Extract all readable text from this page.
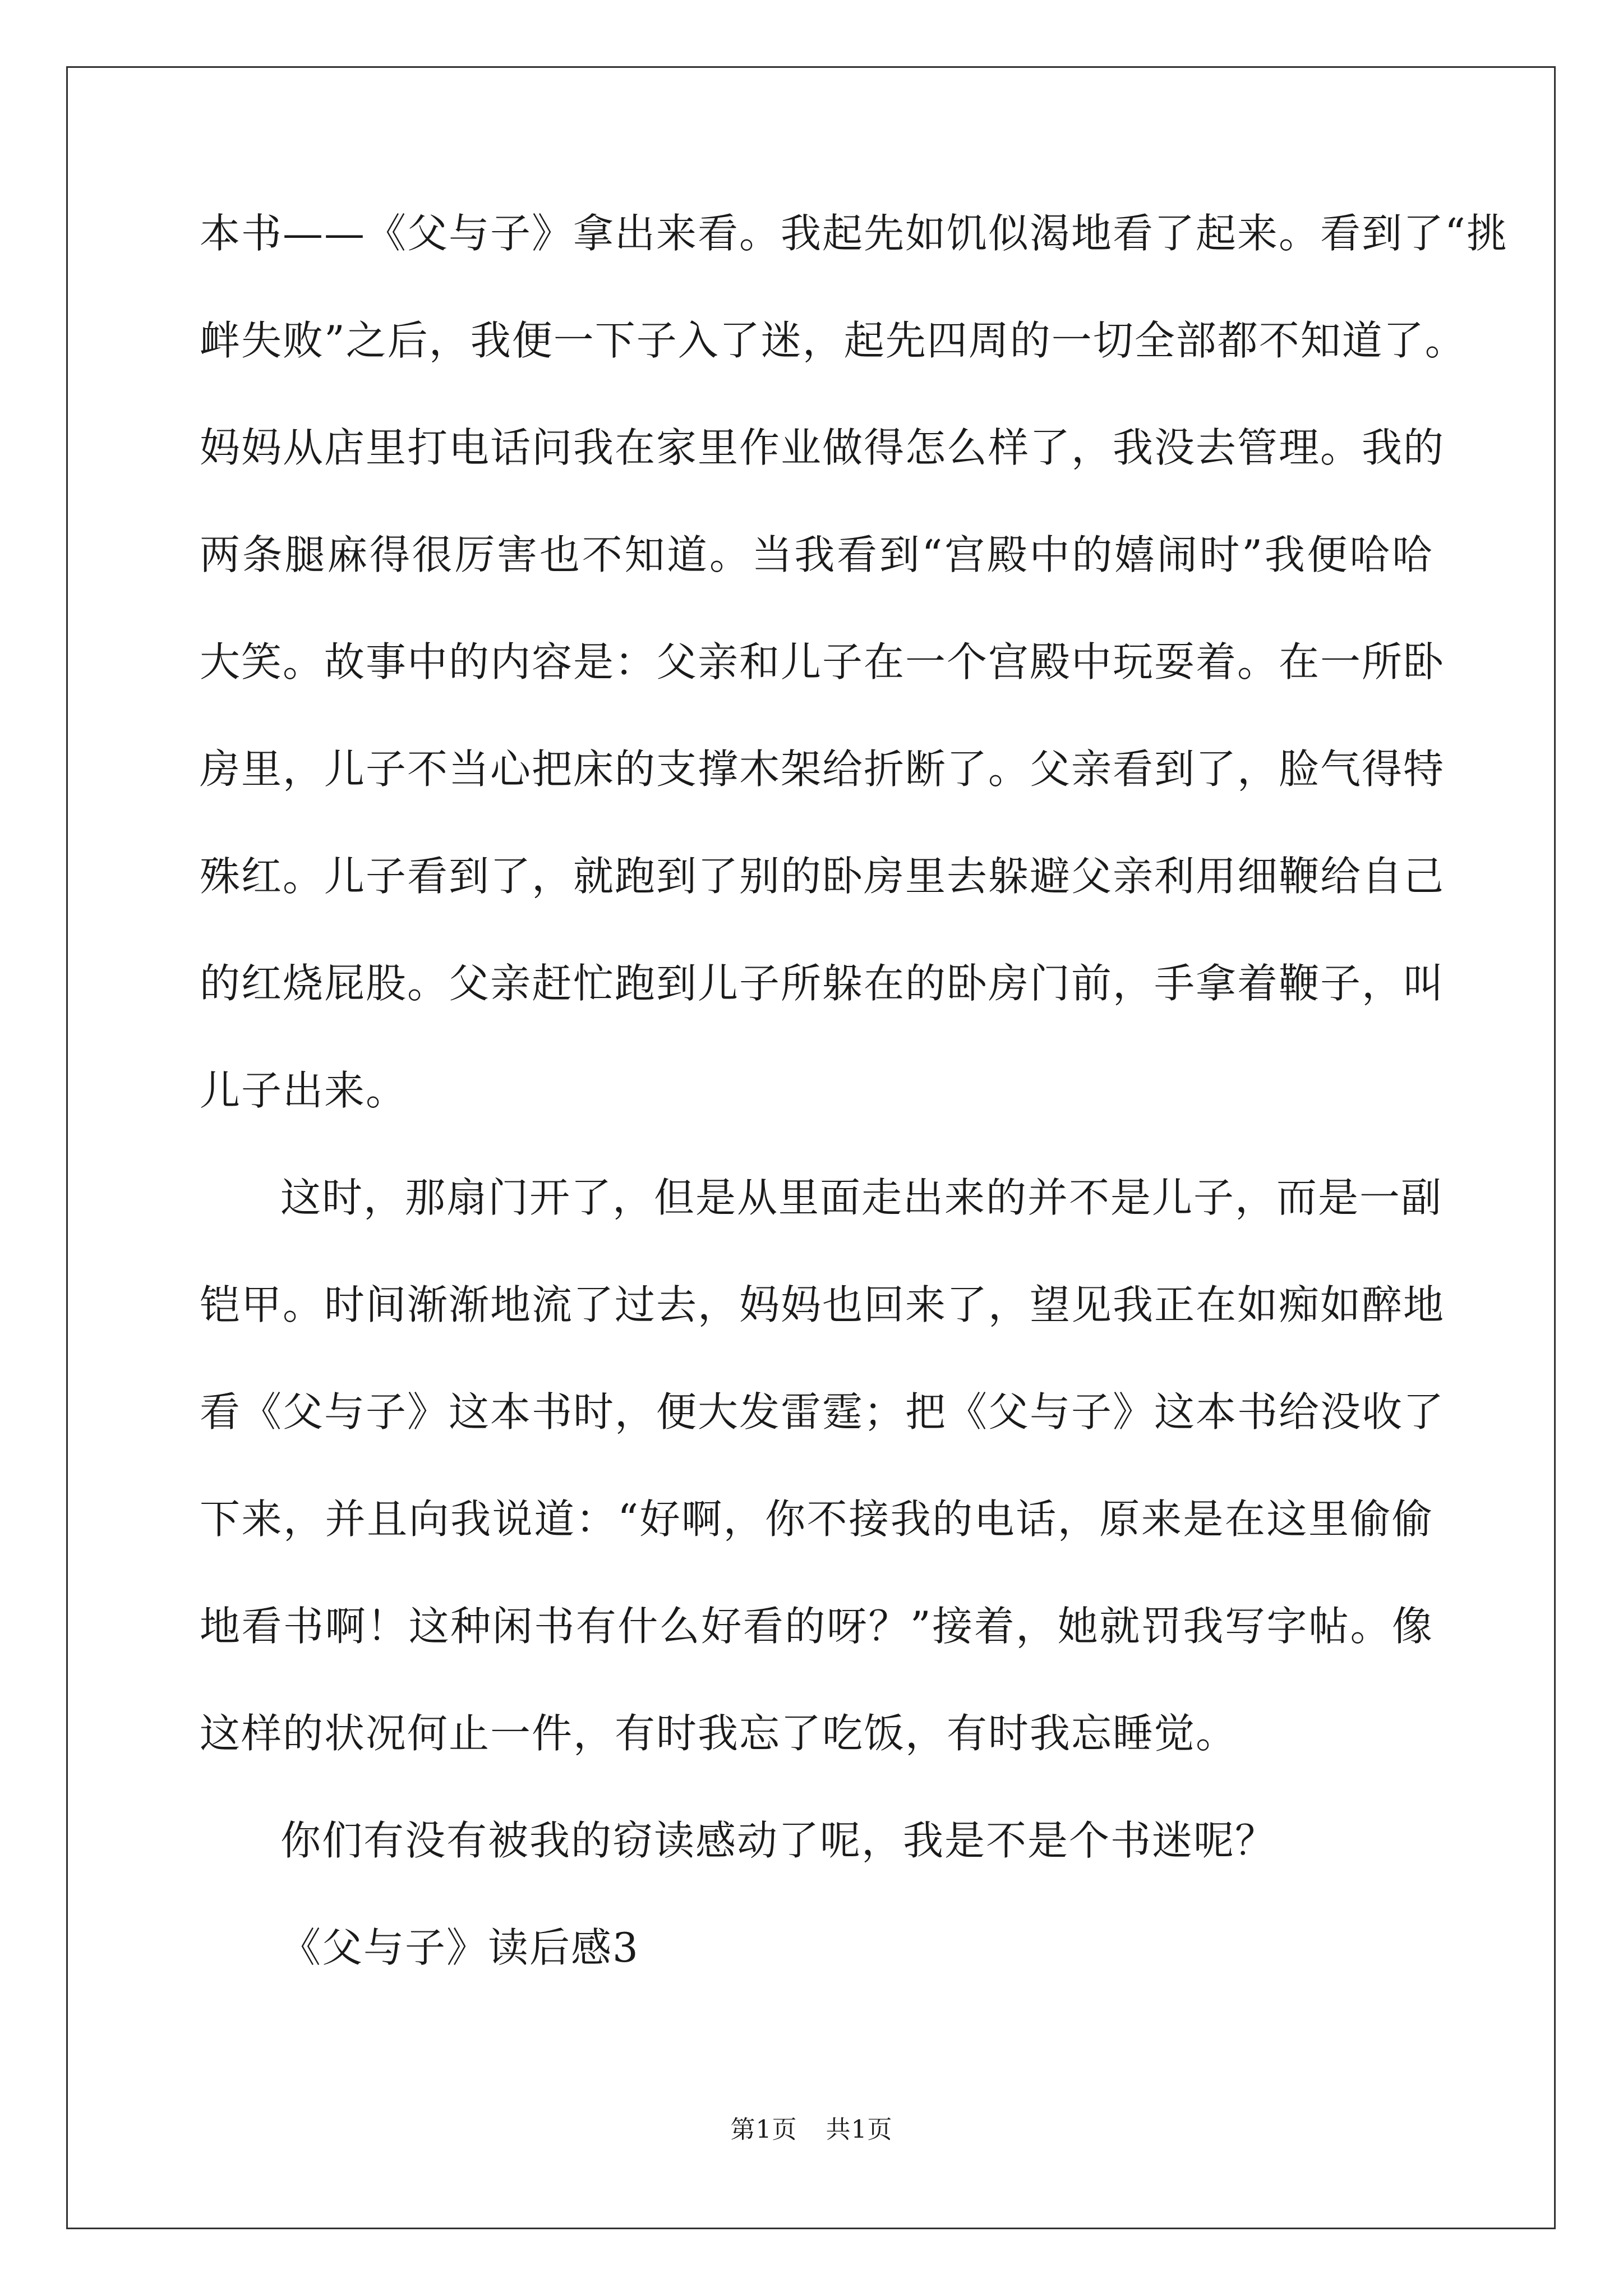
本书——《父与子》拿出来看。我起先如饥似渴地看了起来。看到了“挑
衅失败”之后，我便一下子入了迷，起先四周的一切全部都不知道了。
妈妈从店里打电话问我在家里作业做得怎么样了，我没去管理。我的
两条腿麻得很厉害也不知道。当我看到“宫殿中的嬉闹时”我便哈哈
大笑。故事中的内容是：父亲和儿子在一个宫殿中玩耍着。在一所卧
房里，儿子不当心把床的支撑木架给折断了。父亲看到了，脸气得特
殊红。儿子看到了，就跑到了别的卧房里去躲避父亲利用细鞭给自己
的红烧屁股。父亲赶忙跑到儿子所躲在的卧房门前，手拿着鞭子，叫
儿子出来。
这时，那扇门开了，但是从里面走出来的并不是儿子，而是一副
铠甲。时间渐渐地流了过去，妈妈也回来了，望见我正在如痴如醉地
看《父与子》这本书时，便大发雷霆；把《父与子》这本书给没收了
下来，并且向我说道：“好啊，你不接我的电话，原来是在这里偷偷
地看书啊！这种闲书有什么好看的呀？”接着，她就罚我写字帖。像
这样的状况何止一件，有时我忘了吃饭，有时我忘睡觉。
你们有没有被我的窃读感动了呢，我是不是个书迷呢？
《父与子》读后感3
第1页 共1页
